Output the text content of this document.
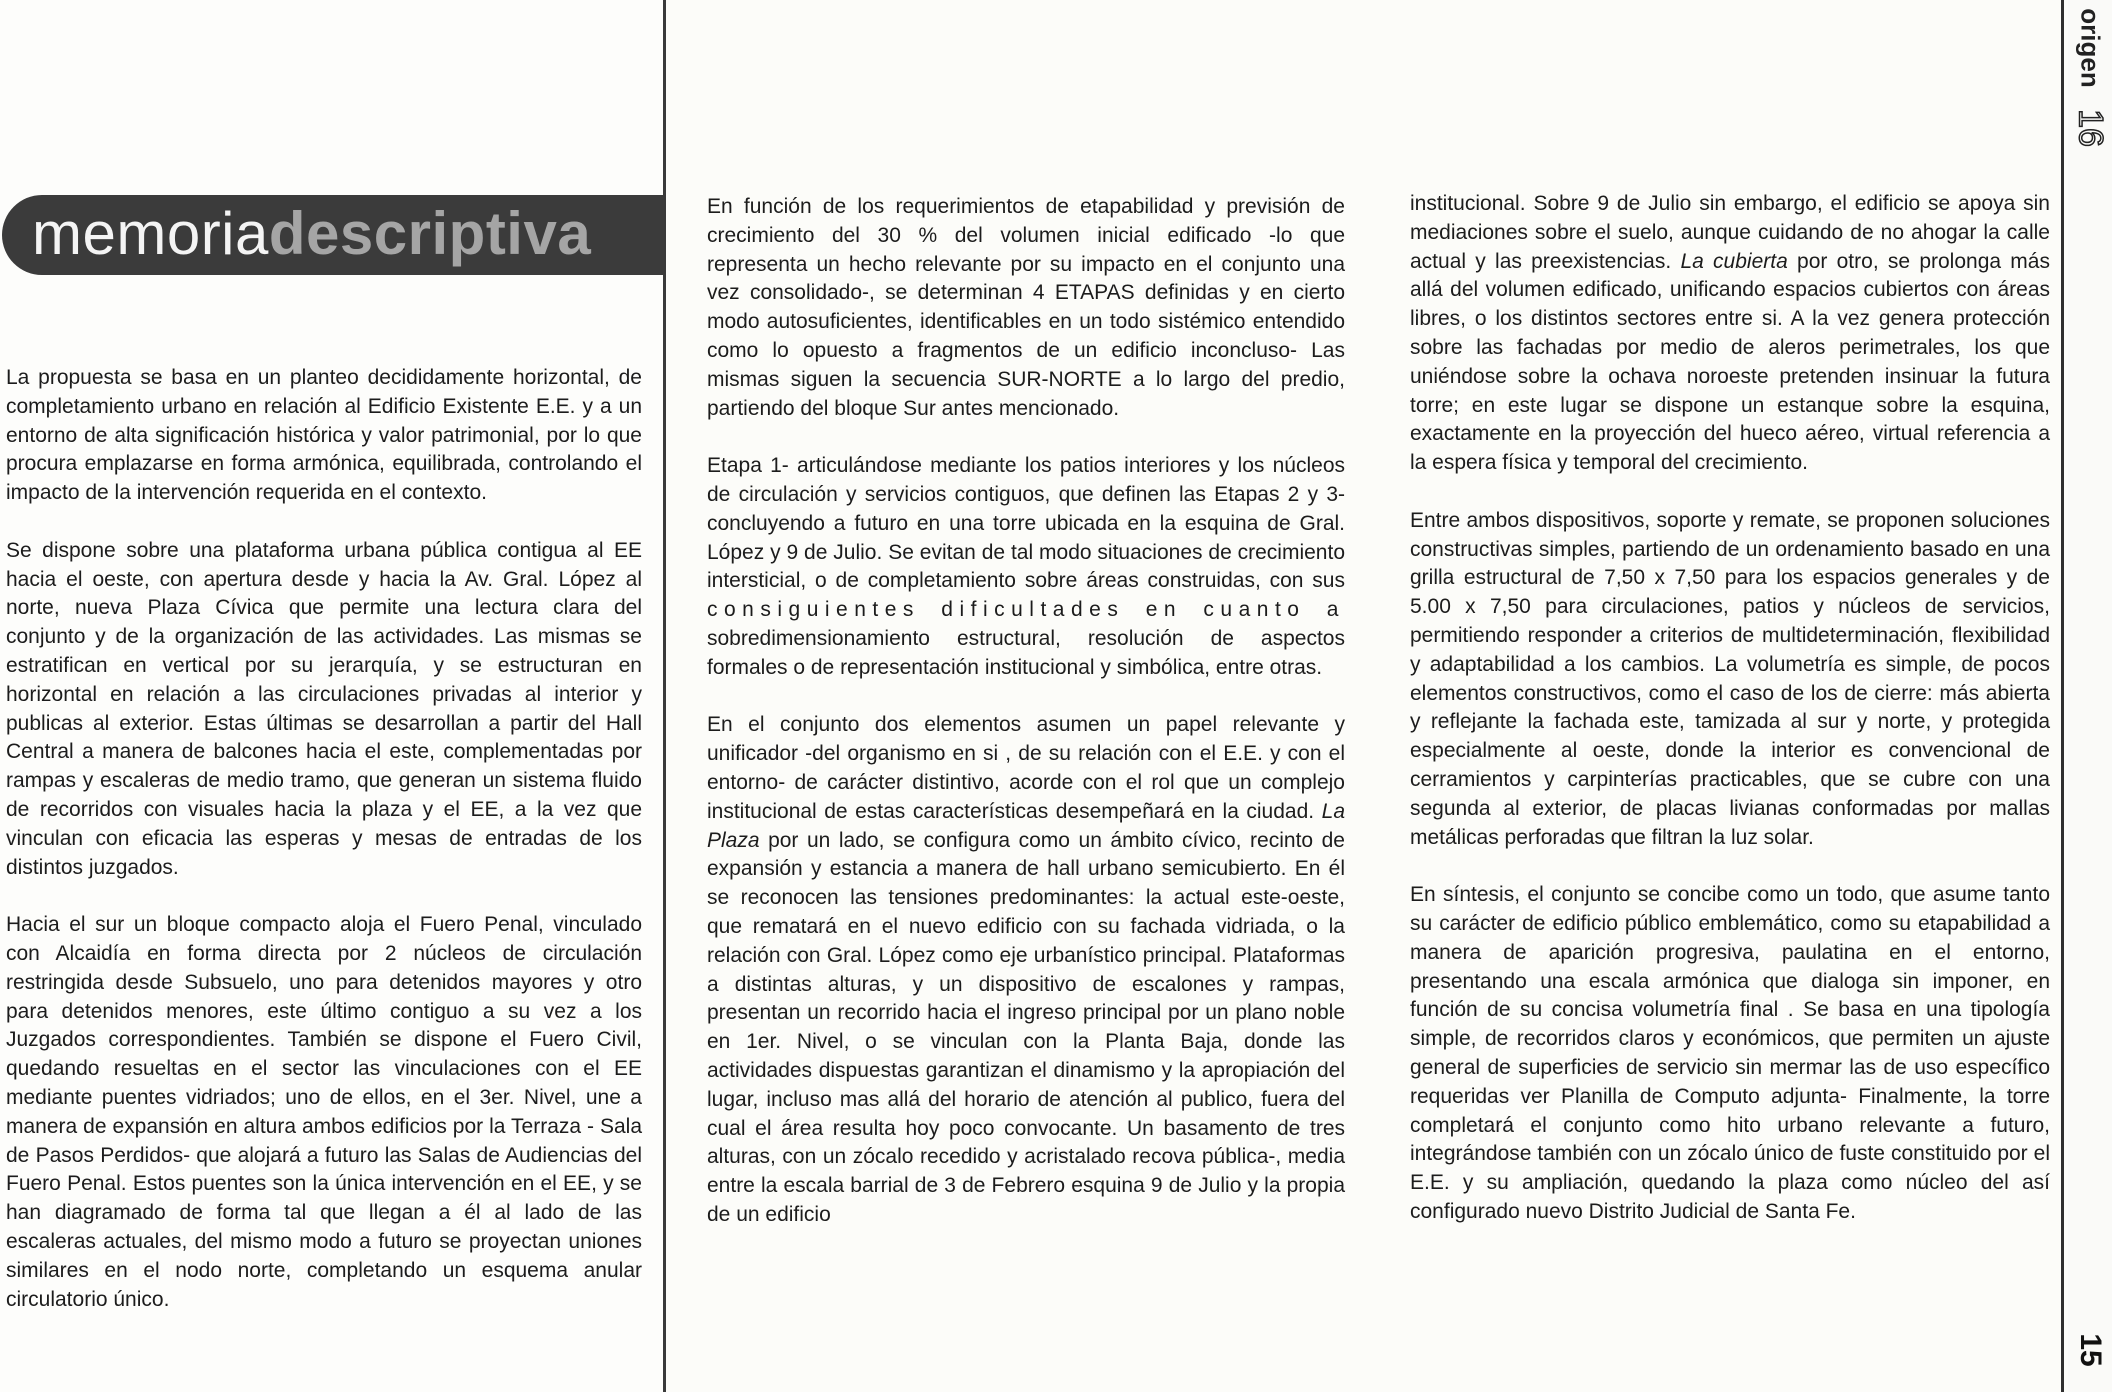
memoriadescriptiva

La propuesta se basa en un planteo decididamente horizontal, de completamiento urbano en relación al Edificio Existente E.E. y a un entorno de alta significación histórica y valor patrimonial, por lo que procura emplazarse en forma armónica, equilibrada, controlando el impacto de la intervención requerida en el contexto.

Se dispone sobre una plataforma urbana pública contigua al EE hacia el oeste, con apertura desde y hacia la Av. Gral. López al norte, nueva Plaza Cívica que permite una lectura clara del conjunto y de la organización de las actividades. Las mismas se estratifican en vertical por su jerarquía, y se estructuran en horizontal en relación a las circulaciones privadas al interior y publicas al exterior. Estas últimas se desarrollan a partir del Hall Central a manera de balcones hacia el este, complementadas por rampas y escaleras de medio tramo, que generan un sistema fluido de recorridos con visuales hacia la plaza y el EE, a la vez que vinculan con eficacia las esperas y mesas de entradas de los distintos juzgados.

Hacia el sur un bloque compacto aloja el Fuero Penal, vinculado con Alcaidía en forma directa por 2 núcleos de circulación restringida desde Subsuelo, uno para detenidos mayores y otro para detenidos menores, este último contiguo a su vez a los Juzgados correspondientes. También se dispone el Fuero Civil, quedando resueltas en el sector las vinculaciones con el EE mediante puentes vidriados; uno de ellos, en el 3er. Nivel, une a manera de expansión en altura ambos edificios por la Terraza - Sala de Pasos Perdidos- que alojará a futuro las Salas de Audiencias del Fuero Penal. Estos puentes son la única intervención en el EE, y se han diagramado de forma tal que llegan a él al lado de las escaleras actuales, del mismo modo a futuro se proyectan uniones similares en el nodo norte, completando un esquema anular circulatorio único.

En función de los requerimientos de etapabilidad y previsión de crecimiento del 30 % del volumen inicial edificado -lo que representa un hecho relevante por su impacto en el conjunto una vez consolidado-, se determinan 4 ETAPAS definidas y en cierto modo autosuficientes, identificables en un todo sistémico entendido como lo opuesto a fragmentos de un edificio inconcluso- Las mismas siguen la secuencia SUR-NORTE a lo largo del predio, partiendo del bloque Sur antes mencionado.

Etapa 1- articulándose mediante los patios interiores y los núcleos de circulación y servicios contiguos, que definen las Etapas 2 y 3- concluyendo a futuro en una torre ubicada en la esquina de Gral. López y 9 de Julio. Se evitan de tal modo situaciones de crecimiento intersticial, o de completamiento sobre áreas construidas, con sus consiguientes dificultades en cuanto a sobredimensionamiento estructural, resolución de aspectos formales o de representación institucional y simbólica, entre otras.

En el conjunto dos elementos asumen un papel relevante y unificador -del organismo en si , de su relación con el E.E. y con el entorno- de carácter distintivo, acorde con el rol que un complejo institucional de estas características desempeñará en la ciudad. La Plaza por un lado, se configura como un ámbito cívico, recinto de expansión y estancia a manera de hall urbano semicubierto. En él se reconocen las tensiones predominantes: la actual este-oeste, que rematará en el nuevo edificio con su fachada vidriada, o la relación con Gral. López como eje urbanístico principal. Plataformas a distintas alturas, y un dispositivo de escalones y rampas, presentan un recorrido hacia el ingreso principal por un plano noble en 1er. Nivel, o se vinculan con la Planta Baja, donde las actividades dispuestas garantizan el dinamismo y la apropiación del lugar, incluso mas allá del horario de atención al publico, fuera del cual el área resulta hoy poco convocante. Un basamento de tres alturas, con un zócalo recedido y acristalado recova pública-, media entre la escala barrial de 3 de Febrero esquina 9 de Julio y la propia de un edificio

institucional. Sobre 9 de Julio sin embargo, el edificio se apoya sin mediaciones sobre el suelo, aunque cuidando de no ahogar la calle actual y las preexistencias. La cubierta por otro, se prolonga más allá del volumen edificado, unificando espacios cubiertos con áreas libres, o los distintos sectores entre si. A la vez genera protección sobre las fachadas por medio de aleros perimetrales, los que uniéndose sobre la ochava noroeste pretenden insinuar la futura torre; en este lugar se dispone un estanque sobre la esquina, exactamente en la proyección del hueco aéreo, virtual referencia a la espera física y temporal del crecimiento.

Entre ambos dispositivos, soporte y remate, se proponen soluciones constructivas simples, partiendo de un ordenamiento basado en una grilla estructural de 7,50 x 7,50 para los espacios generales y de 5.00 x 7,50 para circulaciones, patios y núcleos de servicios, permitiendo responder a criterios de multideterminación, flexibilidad y adaptabilidad a los cambios. La volumetría es simple, de pocos elementos constructivos, como el caso de los de cierre: más abierta y reflejante la fachada este, tamizada al sur y norte, y protegida especialmente al oeste, donde la interior es convencional de cerramientos y carpinterías practicables, que se cubre con una segunda al exterior, de placas livianas conformadas por mallas metálicas perforadas que filtran la luz solar.

En síntesis, el conjunto se concibe como un todo, que asume tanto su carácter de edificio público emblemático, como su etapabilidad a manera de aparición progresiva, paulatina en el entorno, presentando una escala armónica que dialoga sin imponer, en función de su concisa volumetría final . Se basa en una tipología simple, de recorridos claros y económicos, que permiten un ajuste general de superficies de servicio sin mermar las de uso específico requeridas ver Planilla de Computo adjunta- Finalmente, la torre completará el conjunto como hito urbano relevante a futuro, integrándose también con un zócalo único de fuste constituido por el E.E. y su ampliación, quedando la plaza como núcleo del así configurado nuevo Distrito Judicial de Santa Fe.

origen
16
15
